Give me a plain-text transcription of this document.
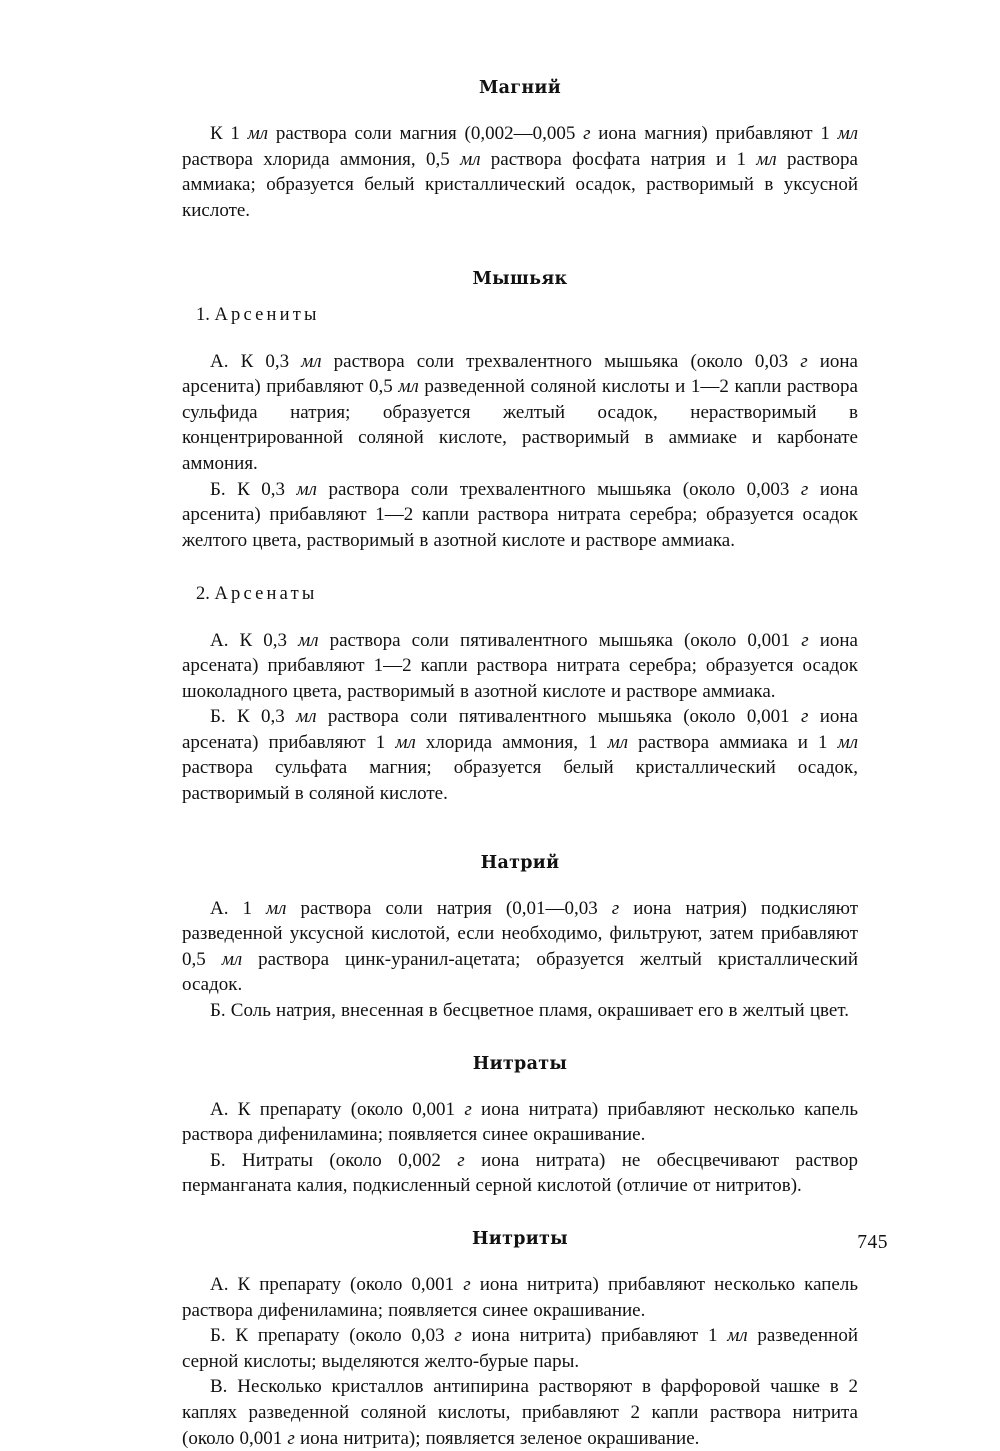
Магний

К 1 мл раствора соли магния (0,002—0,005 г иона магния) прибавляют 1 мл раствора хлорида аммония, 0,5 мл раствора фосфата натрия и 1 мл раствора аммиака; образуется белый кристаллический осадок, растворимый в уксусной кислоте.

Мышьяк
1. Арсениты

А. К 0,3 мл раствора соли трехвалентного мышьяка (около 0,03 г иона арсенита) прибавляют 0,5 мл разведенной соляной кислоты и 1—2 капли раствора сульфида натрия; образуется желтый осадок, нерастворимый в концентрированной соляной кислоте, растворимый в аммиаке и карбонате аммония.

Б. К 0,3 мл раствора соли трехвалентного мышьяка (около 0,003 г иона арсенита) прибавляют 1—2 капли раствора нитрата серебра; образуется осадок желтого цвета, растворимый в азотной кислоте и растворе аммиака.

2. Арсенаты

А. К 0,3 мл раствора соли пятивалентного мышьяка (около 0,001 г иона арсената) прибавляют 1—2 капли раствора нитрата серебра; образуется осадок шоколадного цвета, растворимый в азотной кислоте и растворе аммиака.

Б. К 0,3 мл раствора соли пятивалентного мышьяка (около 0,001 г иона арсената) прибавляют 1 мл хлорида аммония, 1 мл раствора аммиака и 1 мл раствора сульфата магния; образуется белый кристаллический осадок, растворимый в соляной кислоте.

Натрий

А. 1 мл раствора соли натрия (0,01—0,03 г иона натрия) подкисляют разведенной уксусной кислотой, если необходимо, фильтруют, затем прибавляют 0,5 мл раствора цинк-уранил-ацетата; образуется желтый кристаллический осадок.

Б. Соль натрия, внесенная в бесцветное пламя, окрашивает его в желтый цвет.

Нитраты

А. К препарату (около 0,001 г иона нитрата) прибавляют несколько капель раствора дифениламина; появляется синее окрашивание.

Б. Нитраты (около 0,002 г иона нитрата) не обесцвечивают раствор перманганата калия, подкисленный серной кислотой (отличие от нитритов).

Нитриты

А. К препарату (около 0,001 г иона нитрита) прибавляют несколько капель раствора дифениламина; появляется синее окрашивание.

Б. К препарату (около 0,03 г иона нитрита) прибавляют 1 мл разведенной серной кислоты; выделяются желто-бурые пары.

В. Несколько кристаллов антипирина растворяют в фарфоровой чашке в 2 каплях разведенной соляной кислоты, прибавляют 2 капли раствора нитрита (около 0,001 г иона нитрита); появляется зеленое окрашивание.

745
